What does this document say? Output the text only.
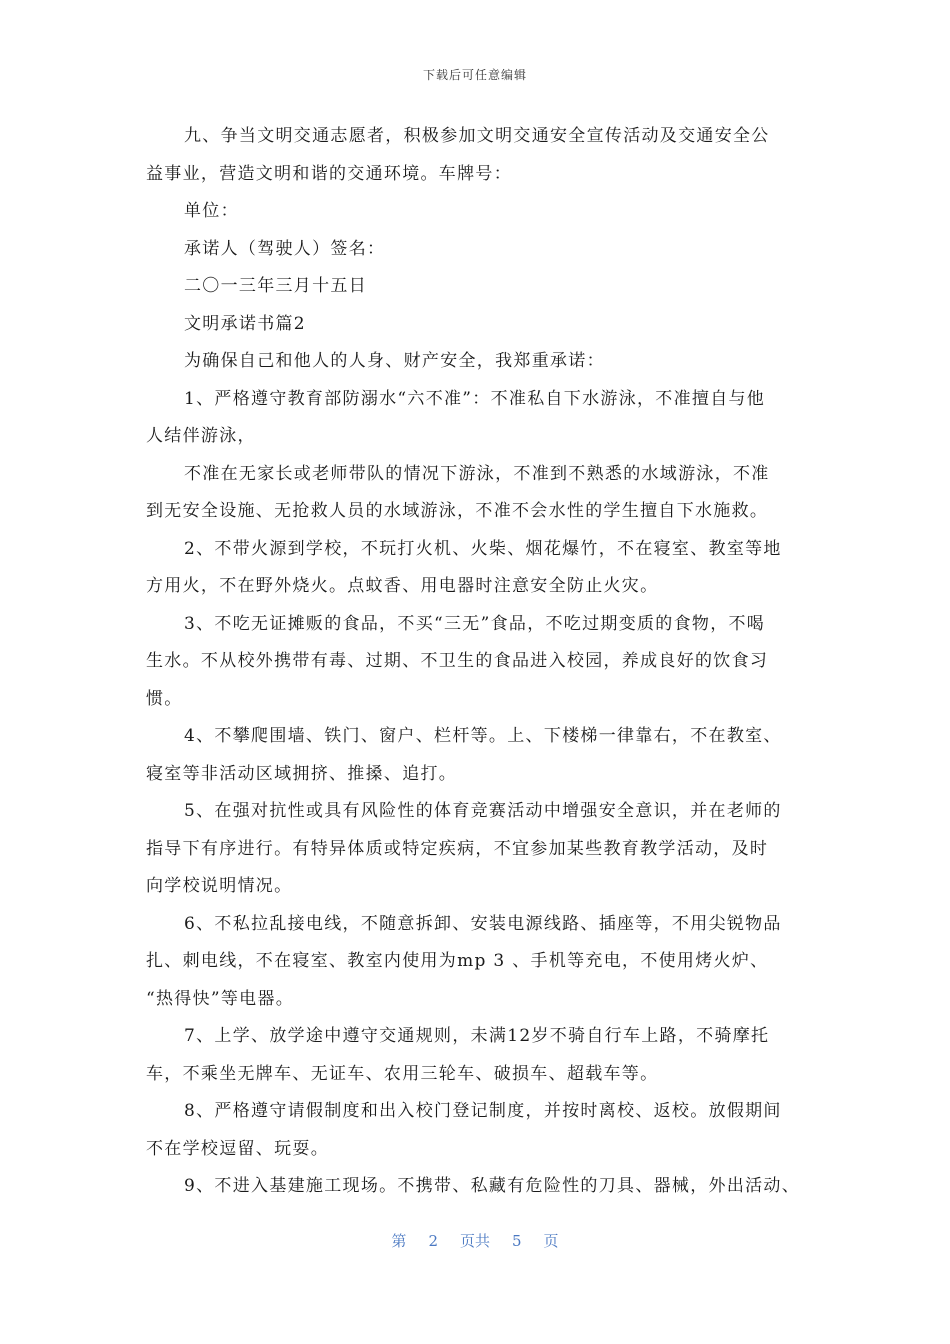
下载后可任意编辑
九、争当文明交通志愿者，积极参加文明交通安全宣传活动及交通安全公
益事业，营造文明和谐的交通环境。车牌号：
单位：
承诺人（驾驶人）签名：
二〇一三年三月十五日
文明承诺书篇2
为确保自己和他人的人身、财产安全，我郑重承诺：
1、严格遵守教育部防溺水“六不准”：不准私自下水游泳，不准擅自与他
人结伴游泳，
不准在无家长或老师带队的情况下游泳，不准到不熟悉的水域游泳，不准
到无安全设施、无抢救人员的水域游泳，不准不会水性的学生擅自下水施救。
2、不带火源到学校，不玩打火机、火柴、烟花爆竹，不在寝室、教室等地
方用火，不在野外烧火。点蚊香、用电器时注意安全防止火灾。
3、不吃无证摊贩的食品，不买“三无”食品，不吃过期变质的食物，不喝
生水。不从校外携带有毒、过期、不卫生的食品进入校园，养成良好的饮食习
惯。
4、不攀爬围墙、铁门、窗户、栏杆等。上、下楼梯一律靠右，不在教室、
寝室等非活动区域拥挤、推搡、追打。
5、在强对抗性或具有风险性的体育竞赛活动中增强安全意识，并在老师的
指导下有序进行。有特异体质或特定疾病，不宜参加某些教育教学活动，及时
向学校说明情况。
6、不私拉乱接电线，不随意拆卸、安装电源线路、插座等，不用尖锐物品
扎、刺电线，不在寝室、教室内使用为mp 3 、手机等充电，不使用烤火炉、
“热得快”等电器。
7、上学、放学途中遵守交通规则，未满12岁不骑自行车上路，不骑摩托
车，不乘坐无牌车、无证车、农用三轮车、破损车、超载车等。
8、严格遵守请假制度和出入校门登记制度，并按时离校、返校。放假期间
不在学校逗留、玩耍。
9、不进入基建施工现场。不携带、私藏有危险性的刀具、器械，外出活动、
第 2 页共 5 页
